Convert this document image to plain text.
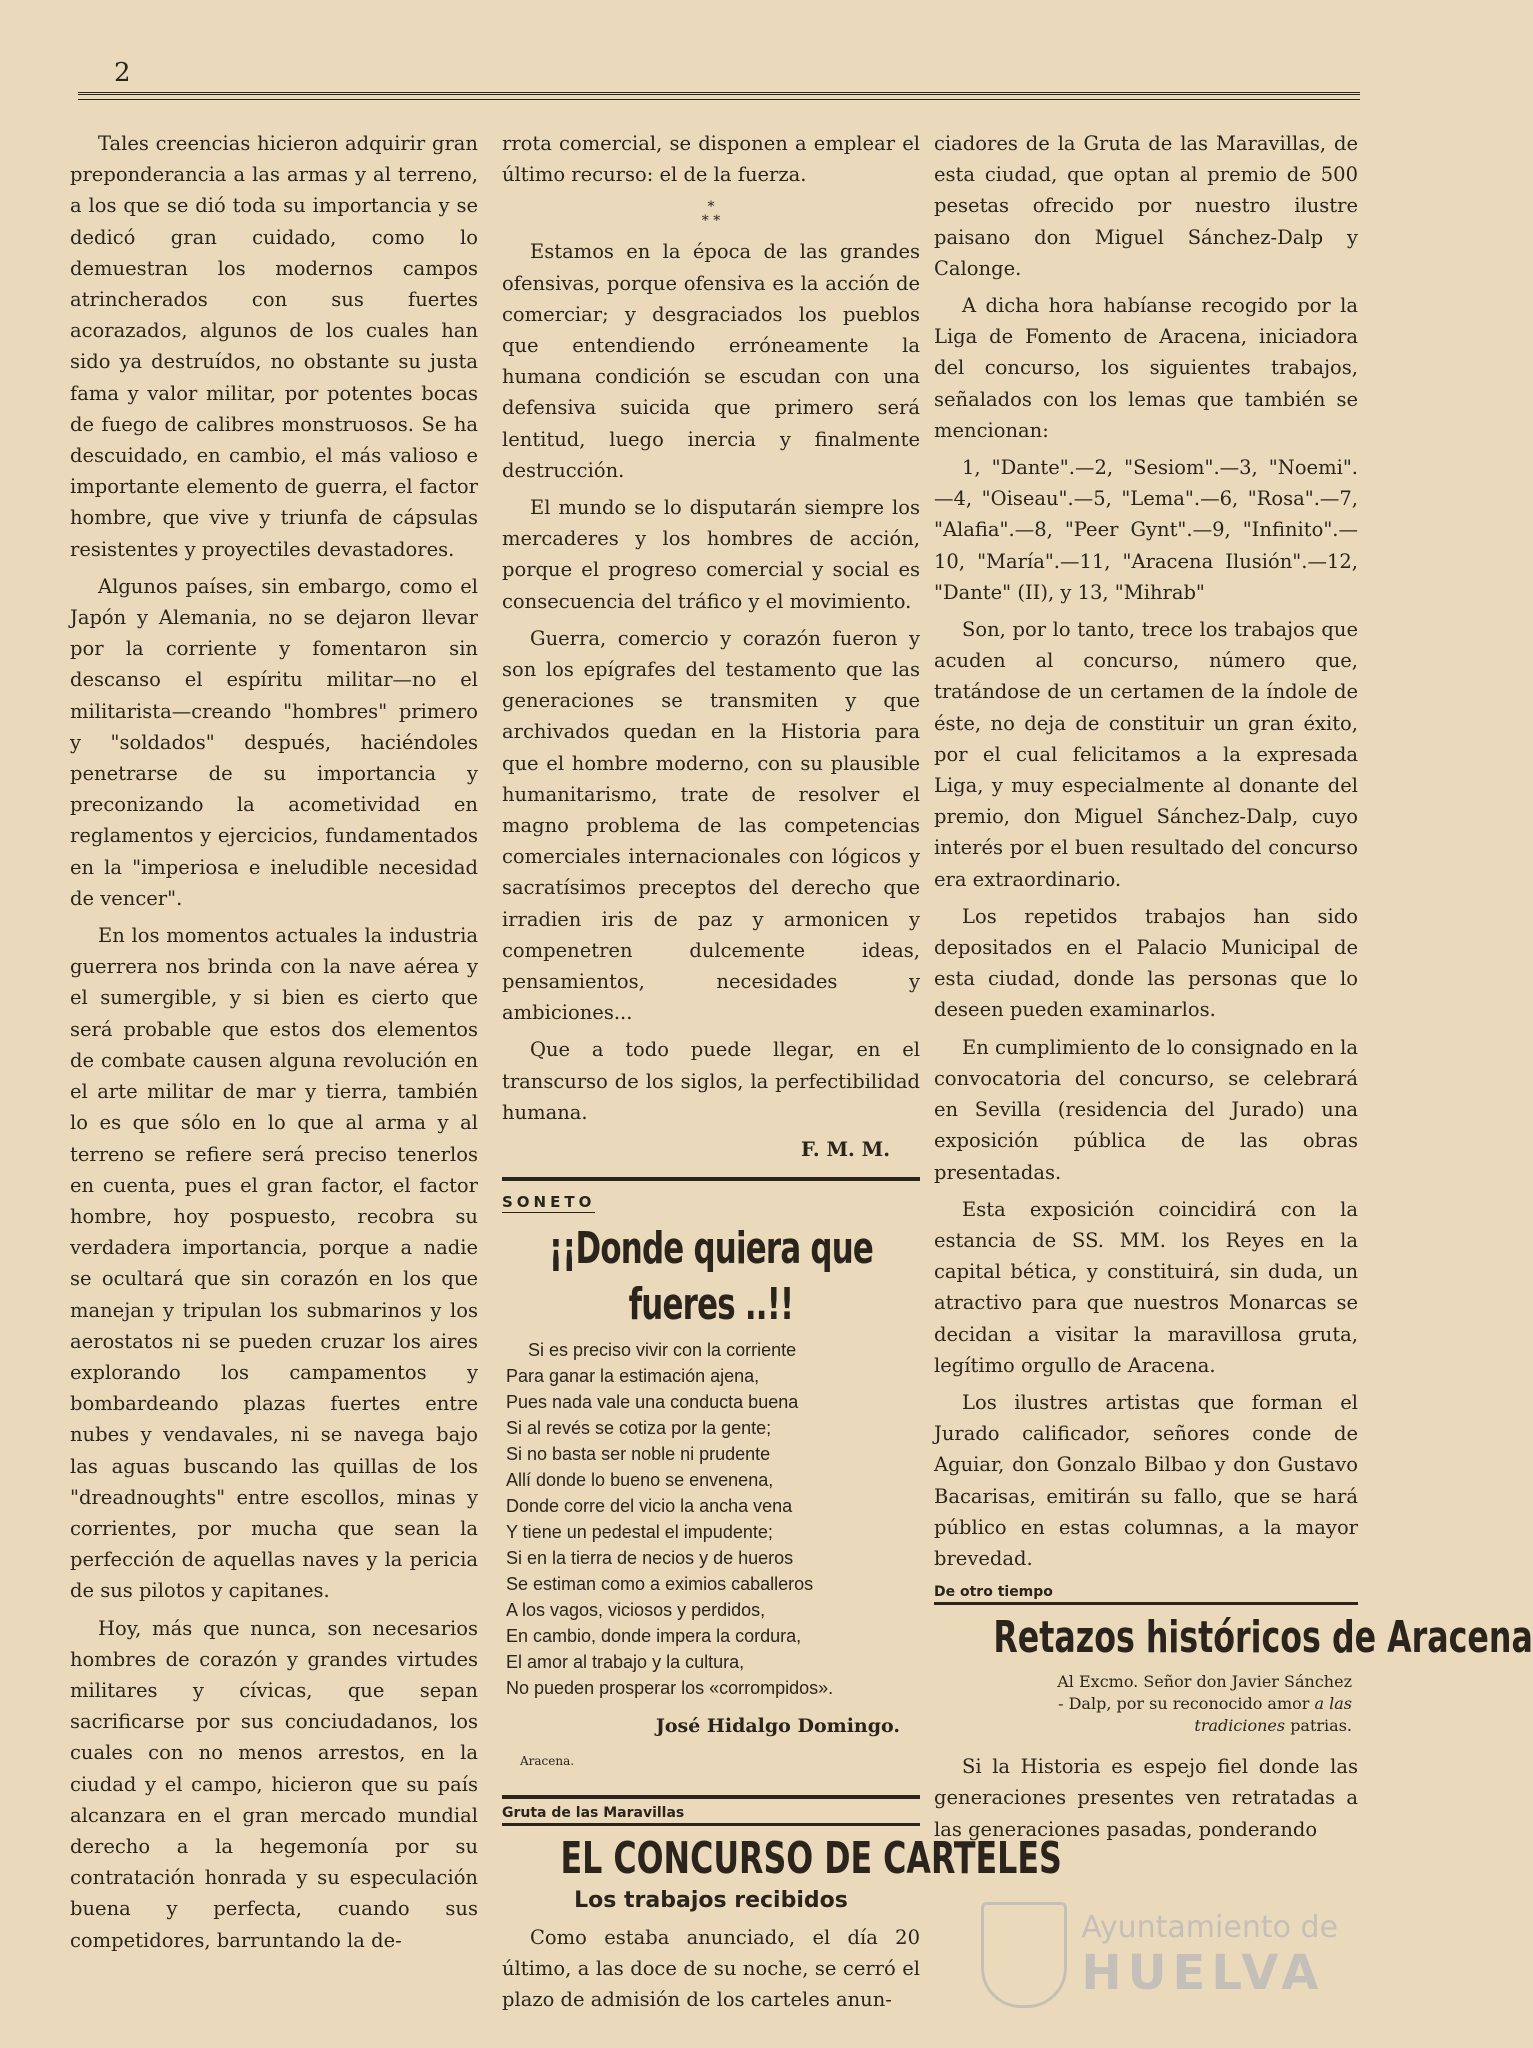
2

Tales creencias hicieron adquirir gran preponderancia a las armas y al terreno, a los que se dió toda su importancia y se dedicó gran cuidado, como lo demuestran los modernos campos atrincherados con sus fuertes acorazados, algunos de los cuales han sido ya destruídos, no obstante su justa fama y valor militar, por potentes bocas de fuego de calibres monstruosos. Se ha descuidado, en cambio, el más valioso e importante elemento de guerra, el factor hombre, que vive y triunfa de cápsulas resistentes y proyectiles devastadores.

Algunos países, sin embargo, como el Japón y Alemania, no se dejaron llevar por la corriente y fomentaron sin descanso el espíritu militar—no el militarista—creando "hombres" primero y "soldados" después, haciéndoles penetrarse de su importancia y preconizando la acometividad en reglamentos y ejercicios, fundamentados en la "imperiosa e ineludible necesidad de vencer".

En los momentos actuales la industria guerrera nos brinda con la nave aérea y el sumergible, y si bien es cierto que será probable que estos dos elementos de combate causen alguna revolución en el arte militar de mar y tierra, también lo es que sólo en lo que al arma y al terreno se refiere será preciso tenerlos en cuenta, pues el gran factor, el factor hombre, hoy pospuesto, recobra su verdadera importancia, porque a nadie se ocultará que sin corazón en los que manejan y tripulan los submarinos y los aerostatos ni se pueden cruzar los aires explorando los campamentos y bombardeando plazas fuertes entre nubes y vendavales, ni se navega bajo las aguas buscando las quillas de los "dreadnoughts" entre escollos, minas y corrientes, por mucha que sean la perfección de aquellas naves y la pericia de sus pilotos y capitanes.

Hoy, más que nunca, son necesarios hombres de corazón y grandes virtudes militares y cívicas, que sepan sacrificarse por sus conciudadanos, los cuales con no menos arrestos, en la ciudad y el campo, hicieron que su país alcanzara en el gran mercado mundial derecho a la hegemonía por su contratación honrada y su especulación buena y perfecta, cuando sus competidores, barruntando la de-

rrota comercial, se disponen a emplear el último recurso: el de la fuerza.

*
* *

Estamos en la época de las grandes ofensivas, porque ofensiva es la acción de comerciar; y desgraciados los pueblos que entendiendo erróneamente la humana condición se escudan con una defensiva suicida que primero será lentitud, luego inercia y finalmente destrucción.

El mundo se lo disputarán siempre los mercaderes y los hombres de acción, porque el progreso comercial y social es consecuencia del tráfico y el movimiento.

Guerra, comercio y corazón fueron y son los epígrafes del testamento que las generaciones se transmiten y que archivados quedan en la Historia para que el hombre moderno, con su plausible humanitarismo, trate de resolver el magno problema de las competencias comerciales internacionales con lógicos y sacratísimos preceptos del derecho que irradien iris de paz y armonicen y compenetren dulcemente ideas, pensamientos, necesidades y ambiciones...

Que a todo puede llegar, en el transcurso de los siglos, la perfectibilidad humana.

F. M. M.
SONETO
¡¡Donde quiera que fueres ..!!
Si es preciso vivir con la corriente
Para ganar la estimación ajena,
Pues nada vale una conducta buena
Si al revés se cotiza por la gente;
Si no basta ser noble ni prudente
Allí donde lo bueno se envenena,
Donde corre del vicio la ancha vena
Y tiene un pedestal el impudente;
Si en la tierra de necios y de hueros
Se estiman como a eximios caballeros
A los vagos, viciosos y perdidos,
En cambio, donde impera la cordura,
El amor al trabajo y la cultura,
No pueden prosperar los «corrompidos».
José Hidalgo Domingo.
Aracena.
Gruta de las Maravillas
EL CONCURSO DE CARTELES
Los trabajos recibidos

Como estaba anunciado, el día 20 último, a las doce de su noche, se cerró el plazo de admisión de los carteles anun-

ciadores de la Gruta de las Maravillas, de esta ciudad, que optan al premio de 500 pesetas ofrecido por nuestro ilustre paisano don Miguel Sánchez-Dalp y Calonge.

A dicha hora habíanse recogido por la Liga de Fomento de Aracena, iniciadora del concurso, los siguientes trabajos, señalados con los lemas que también se mencionan:

1, "Dante".—2, "Sesiom".—3, "Noemi".—4, "Oiseau".—5, "Lema".—6, "Rosa".—7, "Alafia".—8, "Peer Gynt".—9, "Infinito".—10, "María".—11, "Aracena Ilusión".—12, "Dante" (II), y 13, "Mihrab"

Son, por lo tanto, trece los trabajos que acuden al concurso, número que, tratándose de un certamen de la índole de éste, no deja de constituir un gran éxito, por el cual felicitamos a la expresada Liga, y muy especialmente al donante del premio, don Miguel Sánchez-Dalp, cuyo interés por el buen resultado del concurso era extraordinario.

Los repetidos trabajos han sido depositados en el Palacio Municipal de esta ciudad, donde las personas que lo deseen pueden examinarlos.

En cumplimiento de lo consignado en la convocatoria del concurso, se celebrará en Sevilla (residencia del Jurado) una exposición pública de las obras presentadas.

Esta exposición coincidirá con la estancia de SS. MM. los Reyes en la capital bética, y constituirá, sin duda, un atractivo para que nuestros Monarcas se decidan a visitar la maravillosa gruta, legítimo orgullo de Aracena.

Los ilustres artistas que forman el Jurado calificador, señores conde de Aguiar, don Gonzalo Bilbao y don Gustavo Bacarisas, emitirán su fallo, que se hará público en estas columnas, a la mayor brevedad.

De otro tiempo
Retazos históricos de Aracena
Al Excmo. Señor don Javier Sánchez - Dalp, por su reconocido amor a las tradiciones patrias.

Si la Historia es espejo fiel donde las generaciones presentes ven retratadas a las generaciones pasadas, ponderando

Ayuntamiento de
HUELVA
